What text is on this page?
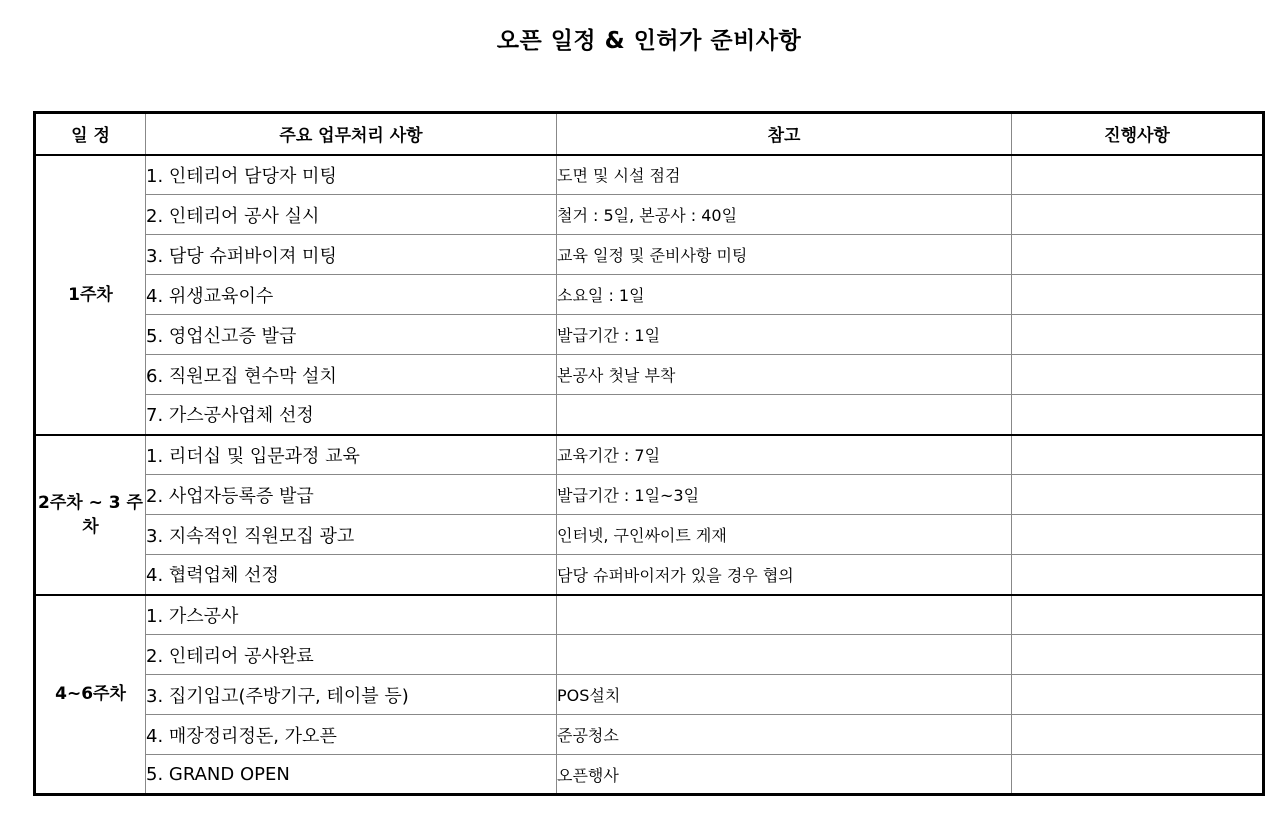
오픈 일정 & 인허가 준비사항
일 정	주요 업무처리 사항	참고	진행사항
1주차	1. 인테리어 담당자 미팅	도면 및 시설 점검	
	2. 인테리어 공사 실시	철거 : 5일, 본공사 : 40일	
	3. 담당 슈퍼바이져 미팅	교육 일정 및 준비사항 미팅	
	4. 위생교육이수	소요일 : 1일	
	5. 영업신고증 발급	발급기간 : 1일	
	6. 직원모집 현수막 설치	본공사 첫날 부착	
	7. 가스공사업체 선정		
2주차 ~ 3 주차	1. 리더십 및 입문과정 교육	교육기간 : 7일	
	2. 사업자등록증 발급	발급기간 : 1일~3일	
	3. 지속적인 직원모집 광고	인터넷, 구인싸이트 게재	
	4. 협력업체 선정	담당 슈퍼바이저가 있을 경우 협의	
4~6주차	1. 가스공사		
	2. 인테리어 공사완료		
	3. 집기입고(주방기구, 테이블 등)	POS설치	
	4. 매장정리정돈, 가오픈	준공청소	
	5. GRAND OPEN	오픈행사	
